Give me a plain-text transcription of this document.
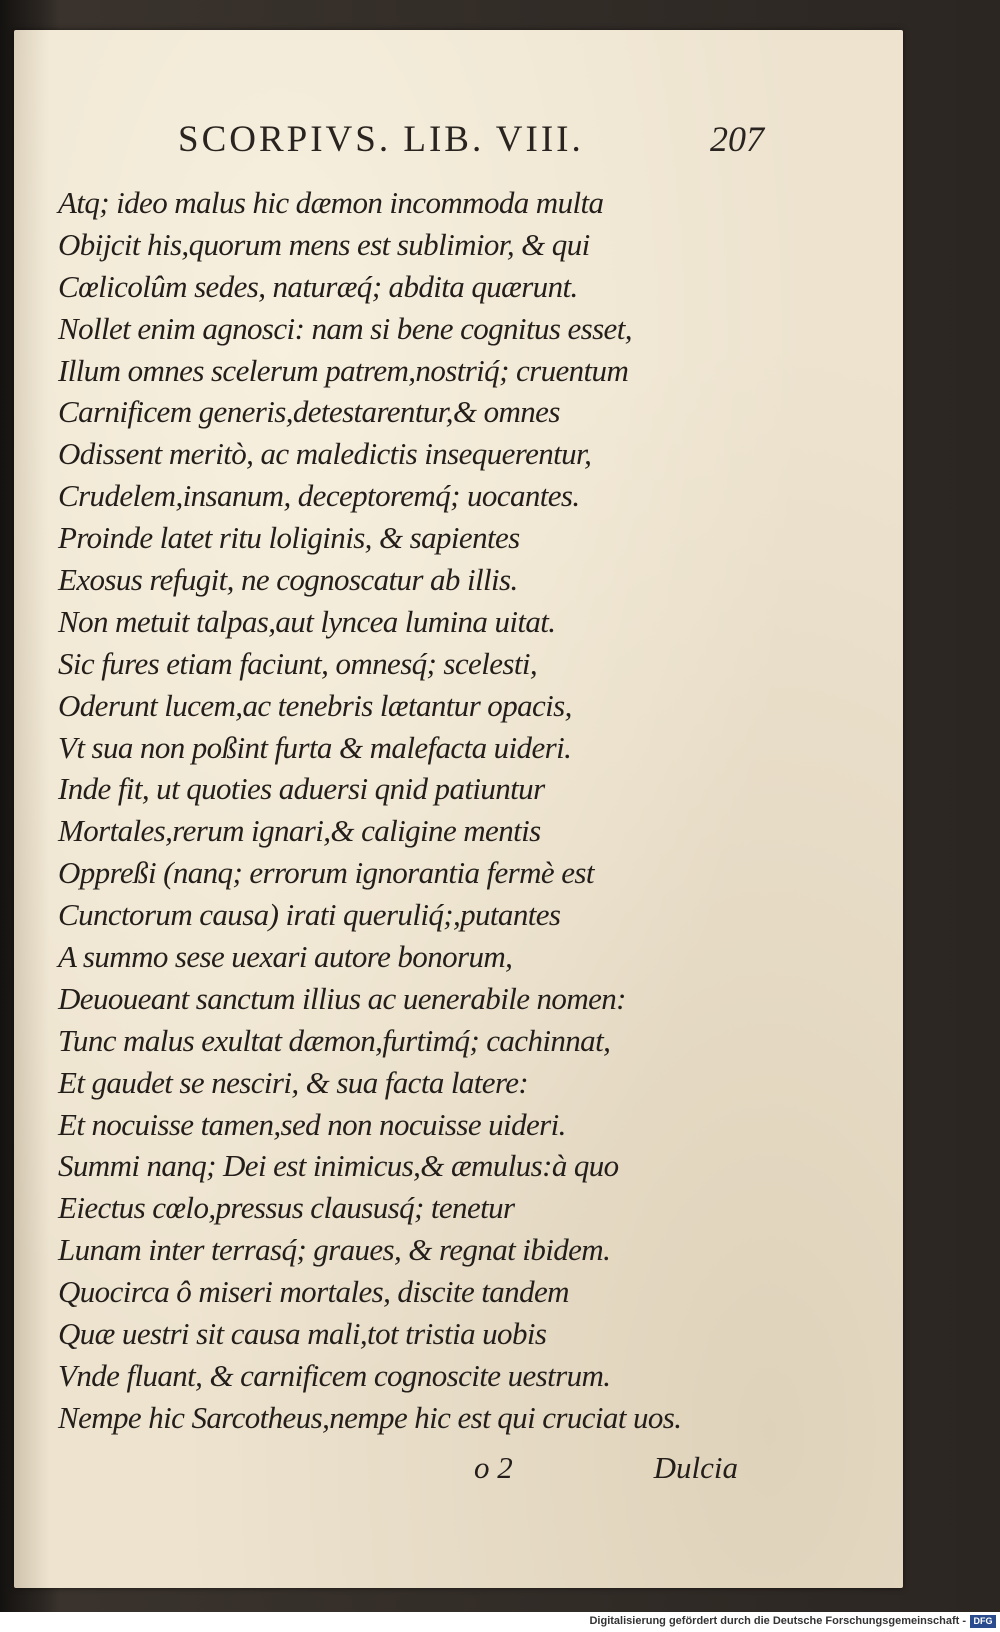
SCORPIVS. LIB. VIII.	207
Atq; ideo malus hic dæmon incommoda multa
Obijcit his,quorum mens est sublimior, & qui
Cœlicolûm sedes, naturæq́; abdita quærunt.
Nollet enim agnosci: nam si bene cognitus esset,
Illum omnes scelerum patrem,nostriq́; cruentum
Carnificem generis,detestarentur,& omnes
Odissent meritò, ac maledictis insequerentur,
Crudelem,insanum, deceptoremq́; uocantes.
Proinde latet ritu loliginis, & sapientes
Exosus refugit, ne cognoscatur ab illis.
Non metuit talpas,aut lyncea lumina uitat.
Sic fures etiam faciunt, omnesq́; scelesti,
Oderunt lucem,ac tenebris lætantur opacis,
Vt sua non poßint furta & malefacta uideri.
Inde fit, ut quoties aduersi qnid patiuntur
Mortales,rerum ignari,& caligine mentis
Oppreßi (nanq; errorum ignorantia fermè est
Cunctorum causa) irati queruliq́;,putantes
A summo sese uexari autore bonorum,
Deuoueant sanctum illius ac uenerabile nomen:
Tunc malus exultat dæmon,furtimq́; cachinnat,
Et gaudet se nesciri, & sua facta latere:
Et nocuisse tamen,sed non nocuisse uideri.
Summi nanq; Dei est inimicus,& æmulus:à quo
Eiectus cœlo,pressus claususq́; tenetur
Lunam inter terrasq́; graues, & regnat ibidem.
Quocirca ô miseri mortales, discite tandem
Quæ uestri sit causa mali,tot tristia uobis
Vnde fluant, & carnificem cognoscite uestrum.
Nempe hic Sarcotheus,nempe hic est qui cruciat uos.
o 2	Dulcia
Digitalisierung gefördert durch die Deutsche Forschungsgemeinschaft - DFG
